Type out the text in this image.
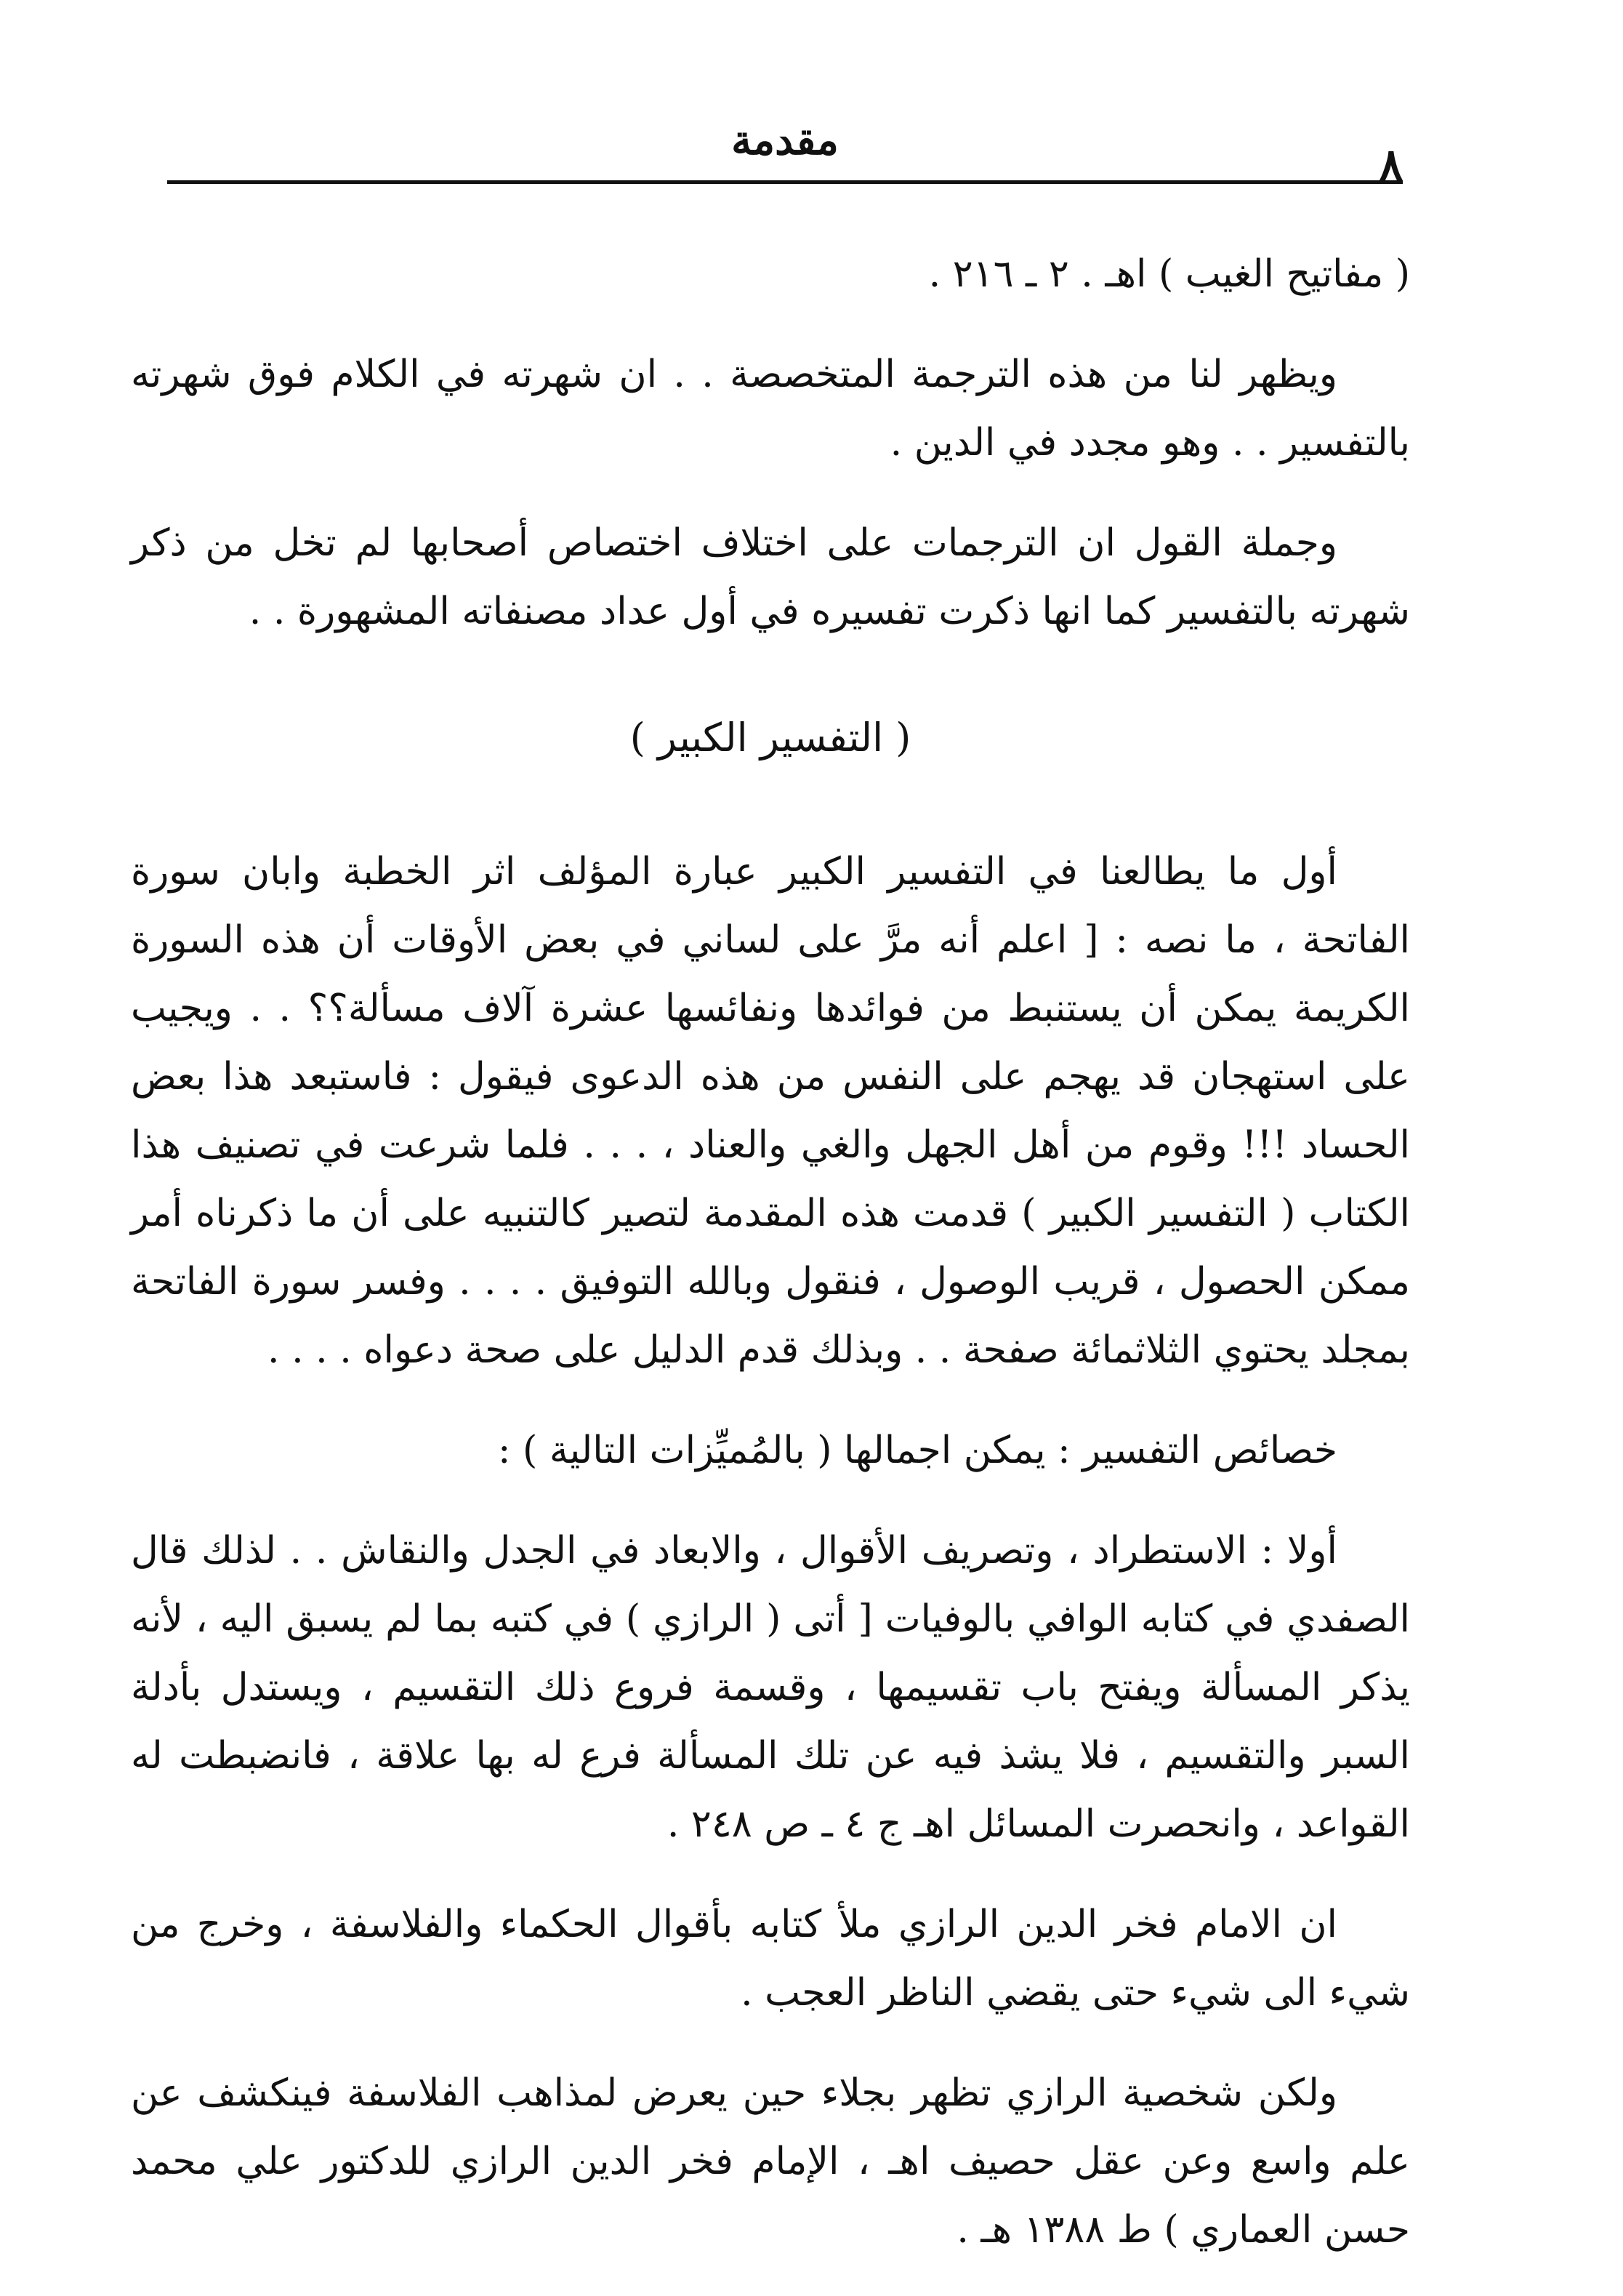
٨
مقدمة

( مفاتيح الغيب ) اهـ . ٢ ـ ٢١٦ .

ويظهر لنا من هذه الترجمة المتخصصة . . ان شهرته في الكلام فوق شهرته بالتفسير . . وهو مجدد في الدين .

وجملة القول ان الترجمات على اختلاف اختصاص أصحابها لم تخل من ذكر شهرته بالتفسير كما انها ذكرت تفسيره في أول عداد مصنفاته المشهورة . .

( التفسير الكبير )

أول ما يطالعنا في التفسير الكبير عبارة المؤلف اثر الخطبة وابان سورة الفاتحة ، ما نصه : [ اعلم أنه مرَّ على لساني في بعض الأوقات أن هذه السورة الكريمة يمكن أن يستنبط من فوائدها ونفائسها عشرة آلاف مسألة؟؟ . . ويجيب على استهجان قد يهجم على النفس من هذه الدعوى فيقول : فاستبعد هذا بعض الحساد !!! وقوم من أهل الجهل والغي والعناد ، . . . فلما شرعت في تصنيف هذا الكتاب ( التفسير الكبير ) قدمت هذه المقدمة لتصير كالتنبيه على أن ما ذكرناه أمر ممكن الحصول ، قريب الوصول ، فنقول وبالله التوفيق . . . . وفسر سورة الفاتحة بمجلد يحتوي الثلاثمائة صفحة . . وبذلك قدم الدليل على صحة دعواه . . . .

خصائص التفسير : يمكن اجمالها ( بالمُميِّزات التالية ) :

أولا : الاستطراد ، وتصريف الأقوال ، والابعاد في الجدل والنقاش . . لذلك قال الصفدي في كتابه الوافي بالوفيات [ أتى ( الرازي ) في كتبه بما لم يسبق اليه ، لأنه يذكر المسألة ويفتح باب تقسيمها ، وقسمة فروع ذلك التقسيم ، ويستدل بأدلة السبر والتقسيم ، فلا يشذ فيه عن تلك المسألة فرع له بها علاقة ، فانضبطت له القواعد ، وانحصرت المسائل اهـ ج ٤ ـ ص ٢٤٨ .

ان الامام فخر الدين الرازي ملأ كتابه بأقوال الحكماء والفلاسفة ، وخرج من شيء الى شيء حتى يقضي الناظر العجب .

ولكن شخصية الرازي تظهر بجلاء حين يعرض لمذاهب الفلاسفة فينكشف عن علم واسع وعن عقل حصيف اهـ ، الإمام فخر الدين الرازي للدكتور علي محمد حسن العماري ) ط ١٣٨٨ هـ .
